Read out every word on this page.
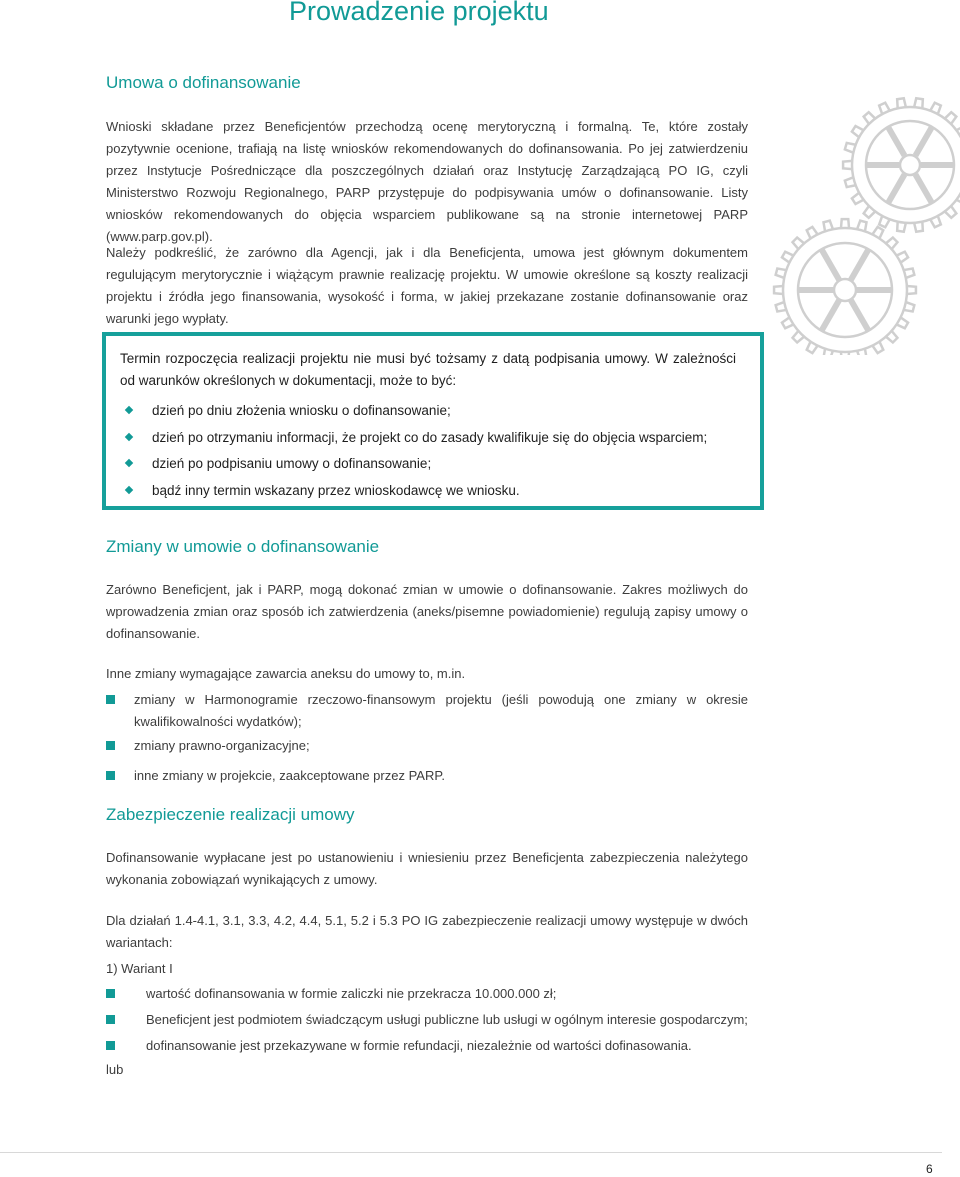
Prowadzenie projektu
Umowa o dofinansowanie

Wnioski składane przez Beneficjentów przechodzą ocenę merytoryczną i formalną. Te, które zostały pozytywnie ocenione, trafiają na listę wniosków rekomendowanych do dofinansowania. Po jej zatwierdzeniu przez Instytucje Pośredniczące dla poszczególnych działań oraz Instytucję Zarządzającą PO IG, czyli Ministerstwo Rozwoju Regionalnego, PARP przystępuje do podpisywania umów o dofinansowanie. Listy wniosków rekomendowanych do objęcia wsparciem publikowane są na stronie internetowej PARP (www.parp.gov.pl).

Należy podkreślić, że zarówno dla Agencji, jak i dla Beneficjenta, umowa jest głównym dokumentem regulującym merytorycznie i wiążącym prawnie realizację projektu. W umowie określone są koszty realizacji projektu i źródła jego finansowania, wysokość i forma, w jakiej przekazane zostanie dofinansowanie oraz warunki jego wypłaty.

Termin rozpoczęcia realizacji projektu nie musi być tożsamy z datą podpisania umowy. W zależności od warunków określonych w dokumentacji, może to być:

dzień po dniu złożenia wniosku o dofinansowanie;
dzień po otrzymaniu informacji, że projekt co do zasady kwalifikuje się do objęcia wsparciem;
dzień po podpisaniu umowy o dofinansowanie;
bądź inny termin wskazany przez wnioskodawcę we wniosku.
Zmiany w umowie o dofinansowanie

Zarówno Beneficjent, jak i PARP, mogą dokonać zmian w umowie o dofinansowanie. Zakres możliwych do wprowadzenia zmian oraz sposób ich zatwierdzenia (aneks/pisemne powiadomienie) regulują zapisy umowy o dofinansowanie.

Inne zmiany wymagające zawarcia aneksu do umowy to, m.in.

zmiany w Harmonogramie rzeczowo-finansowym projektu (jeśli powodują one zmiany w okresie kwalifikowalności wydatków);
zmiany prawno-organizacyjne;
inne zmiany w projekcie, zaakceptowane przez PARP.
Zabezpieczenie realizacji umowy

Dofinansowanie wypłacane jest po ustanowieniu i wniesieniu przez Beneficjenta zabezpieczenia należytego wykonania zobowiązań wynikających z umowy.

Dla działań 1.4-4.1, 3.1, 3.3, 4.2, 4.4, 5.1, 5.2 i 5.3 PO IG zabezpieczenie realizacji umowy występuje w dwóch wariantach:

1) Wariant I

wartość dofinansowania w formie zaliczki nie przekracza 10.000.000 zł;
Beneficjent jest podmiotem świadczącym usługi publiczne lub usługi w ogólnym interesie gospodarczym;
dofinansowanie jest przekazywane w formie refundacji, niezależnie od wartości dofinasowania.

lub

6
